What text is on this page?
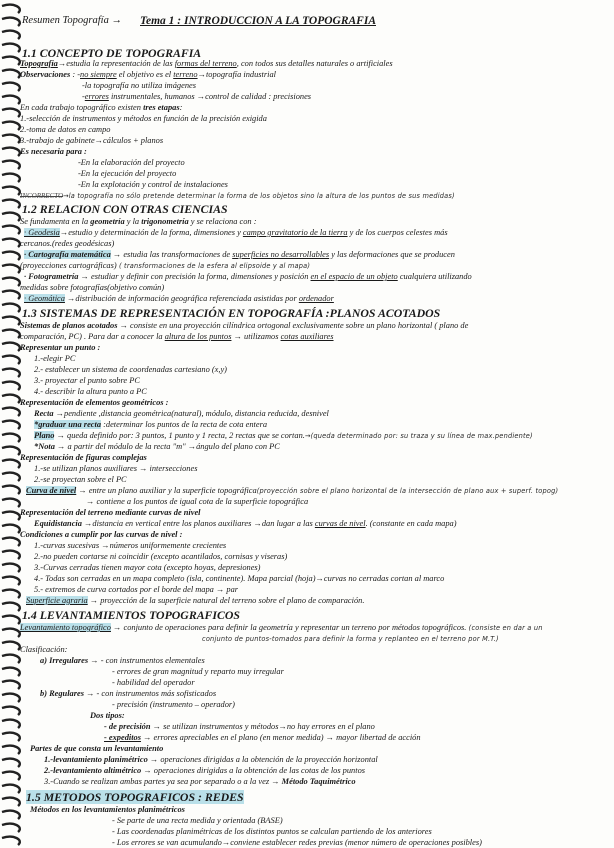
Resumen Topografía → Tema 1 : INTRODUCCION A LA TOPOGRAFIA
1.1 CONCEPTO DE TOPOGRAFIA
Topografia→estudia la representación de las formas del terreno, con todos sus detalles naturales o artificiales
Observaciones : -no siempre el objetivo es el terreno→topografía industrial
-la topografía no utiliza imágenes
-errores instrumentales, humanos →control de calidad : precisiones
En cada trabajo topográfico existen tres etapas:
1.-selección de instrumentos y métodos en función de la precisión exigida
2.-toma de datos en campo
3.-trabajo de gabinete→cálculos + planos
Es necesaria para :
-En la elaboración del proyecto
-En la ejecución del proyecto
-En la explotación y control de instalaciones
INCORRECTO→la topografía no sólo pretende determinar la forma de los objetos sino la altura de los puntos de sus medidas)
1.2 RELACION CON OTRAS CIENCIAS
Se fundamenta en la geometría y la trigonometría y se relaciona con :
· Geodesia→estudio y determinación de la forma, dimensiones y campo gravitatorio de la tierra y de los cuerpos celestes más
cercanos.(redes geodésicas)
· Cartografía matemática → estudia las transformaciones de superficies no desarrollables y las deformaciones que se producen
(proyecciones cartográficas) ( transformaciones de la esfera al elipsoide y al mapa)
· Fotogrametría → estudiar y definir con precisión la forma, dimensiones y posición en el espacio de un objeto cualquiera utilizando
medidas sobre fotografías(objetivo común)
· Geomática →distribución de información geográfica referenciada asistidas por ordenador
1.3 SISTEMAS DE REPRESENTACIÓN EN TOPOGRAFÍA :PLANOS ACOTADOS
Sistemas de planos acotados → consiste en una proyección cilíndrica ortogonal exclusivamente sobre un plano horizontal ( plano de
comparación, PC) . Para dar a conocer la altura de los puntos → utilizamos cotas auxiliares
Representar un punto :
1.-elegir PC
2.- establecer un sistema de coordenadas cartesiano (x,y)
3.- proyectar el punto sobre PC
4.- describir la altura punto a PC
Representación de elementos geométricos :
Recta →pendiente ,distancia geométrica(natural), módulo, distancia reducida, desnivel
*graduar una recta :determinar los puntos de la recta de cota entera
Plano → queda definido por: 3 puntos, 1 punto y 1 recta, 2 rectas que se cortan.→(queda determinado por: su traza y su línea de max.pendiente)
*Nota → a partir del módulo de la recta "m" →ángulo del plano con PC
Representación de figuras complejas
1.-se utilizan planos auxiliares → intersecciones
2.-se proyectan sobre el PC
Curva de nivel → entre un plano auxiliar y la superficie topográfica(proyección sobre el plano horizontal de la intersección de plano aux + superf. topog)
→ contiene a los puntos de igual cota de la superficie topográfica
Representación del terreno mediante curvas de nivel
Equidistancia →distancia en vertical entre los planos auxiliares →dan lugar a las curvas de nivel. (constante en cada mapa)
Condiciones a cumplir por las curvas de nivel :
1.-curvas sucesivas →números uniformemente crecientes
2.-no pueden cortarse ni coincidir (excepto acantilados, cornisas y viseras)
3.-Curvas cerradas tienen mayor cota (excepto hoyas, depresiones)
4.- Todas son cerradas en un mapa completo (isla, continente). Mapa parcial (hoja)→curvas no cerradas cortan al marco
5.- extremos de curva cortados por el borde del mapa → par
Superficie agraria → proyección de la superficie natural del terreno sobre el plano de comparación.
1.4 LEVANTAMIENTOS TOPOGRAFICOS
Levantamiento topográfico → conjunto de operaciones para definir la geometría y representar un terreno por métodos topográficos. (consiste en dar a un
conjunto de puntos-tomados para definir la forma y replanteo en el terreno por M.T.)
Clasificación:
a) Irregulares → - con instrumentos elementales
- errores de gran magnitud y reparto muy irregular
- habilidad del operador
b) Regulares → - con instrumentos más sofisticados
- precisión (instrumento – operador)
Dos tipos:
- de precisión → se utilizan instrumentos y métodos→no hay errores en el plano
- expeditos → errores apreciables en el plano (en menor medida) → mayor libertad de acción
Partes de que consta un levantamiento
1.-levantamiento planimétrico → operaciones dirigidas a la obtención de la proyección horizontal
2.-levantamiento altimétrico → operaciones dirigidas a la obtención de las cotas de los puntos
3.-Cuando se realizan ambas partes ya sea por separado o a la vez → Método Taquimétrico
1.5 METODOS TOPOGRAFICOS : REDES
Métodos en los levantamientos planimétricos
- Se parte de una recta medida y orientada (BASE)
- Las coordenadas planimétricas de los distintos puntos se calculan partiendo de los anteriores
- Los errores se van acumulando→conviene establecer redes previas (menor número de operaciones posibles)
